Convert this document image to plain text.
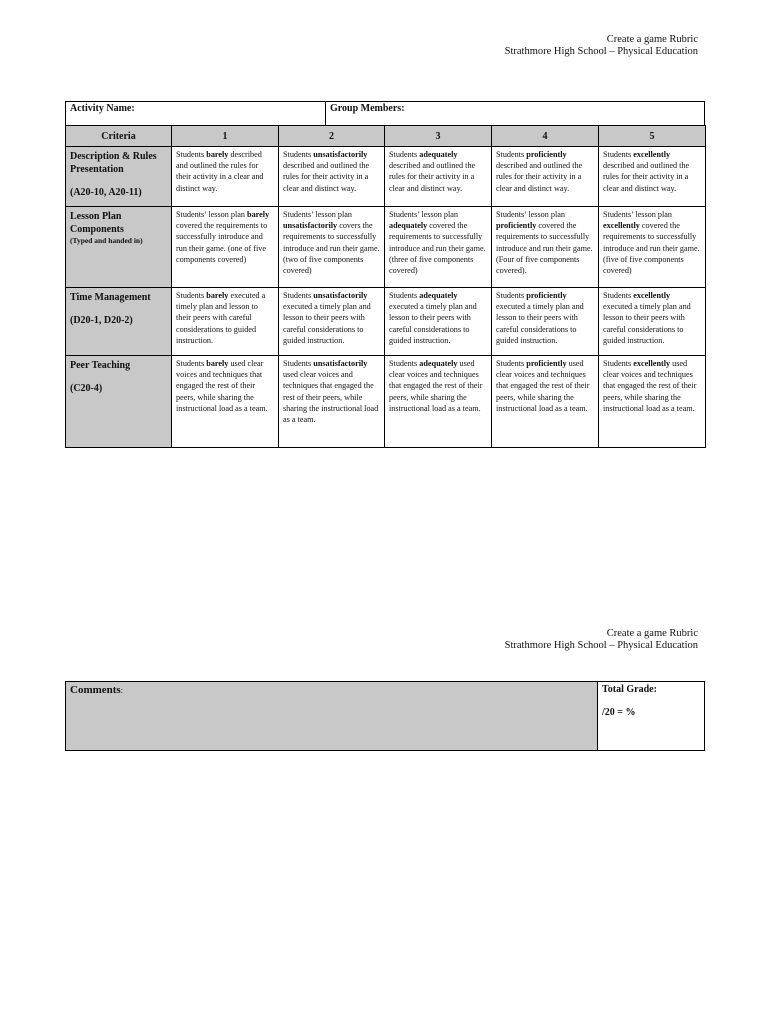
Create a game Rubric
Strathmore High School – Physical Education
Activity Name:	Group Members:
Criteria	1	2	3	4	5

Description & Rules Presentation
(A20-10, A20-11)	Students barely described and outlined the rules for their activity in a clear and distinct way.	Students unsatisfactorily described and outlined the rules for their activity in a clear and distinct way.	Students adequately described and outlined the rules for their activity in a clear and distinct way.	Students proficiently described and outlined the rules for their activity in a clear and distinct way.	Students excellently described and outlined the rules for their activity in a clear and distinct way.

Lesson Plan Components
(Typed and handed in)	Students’ lesson plan barely covered the requirements to successfully introduce and run their game. (one of five components covered)	Students’ lesson plan unsatisfactorily covers the requirements to successfully introduce and run their game. (two of five components covered)	Students’ lesson plan adequately covered the requirements to successfully introduce and run their game. (three of five components covered)	Students’ lesson plan proficiently covered the requirements to successfully introduce and run their game. (Four of five components covered).	Students’ lesson plan excellently covered the requirements to successfully introduce and run their game. (five of five components covered)

Time Management
(D20-1, D20-2)	Students barely executed a timely plan and lesson to their peers with careful considerations to guided instruction.	Students unsatisfactorily executed a timely plan and lesson to their peers with careful considerations to guided instruction.	Students adequately executed a timely plan and lesson to their peers with careful considerations to guided instruction.	Students proficiently executed a timely plan and lesson to their peers with careful considerations to guided instruction.	Students excellently executed a timely plan and lesson to their peers with careful considerations to guided instruction.

Peer Teaching
(C20-4)	Students barely used clear voices and techniques that engaged the rest of their peers, while sharing the instructional load as a team.	Students unsatisfactorily used clear voices and techniques that engaged the rest of their peers, while sharing the instructional load as a team.	Students adequately used clear voices and techniques that engaged the rest of their peers, while sharing the instructional load as a team.	Students proficiently used clear voices and techniques that engaged the rest of their peers, while sharing the instructional load as a team.	Students excellently used clear voices and techniques that engaged the rest of their peers, while sharing the instructional load as a team.
Create a game Rubric
Strathmore High School – Physical Education
Comments:	Total Grade:
/20 = %
